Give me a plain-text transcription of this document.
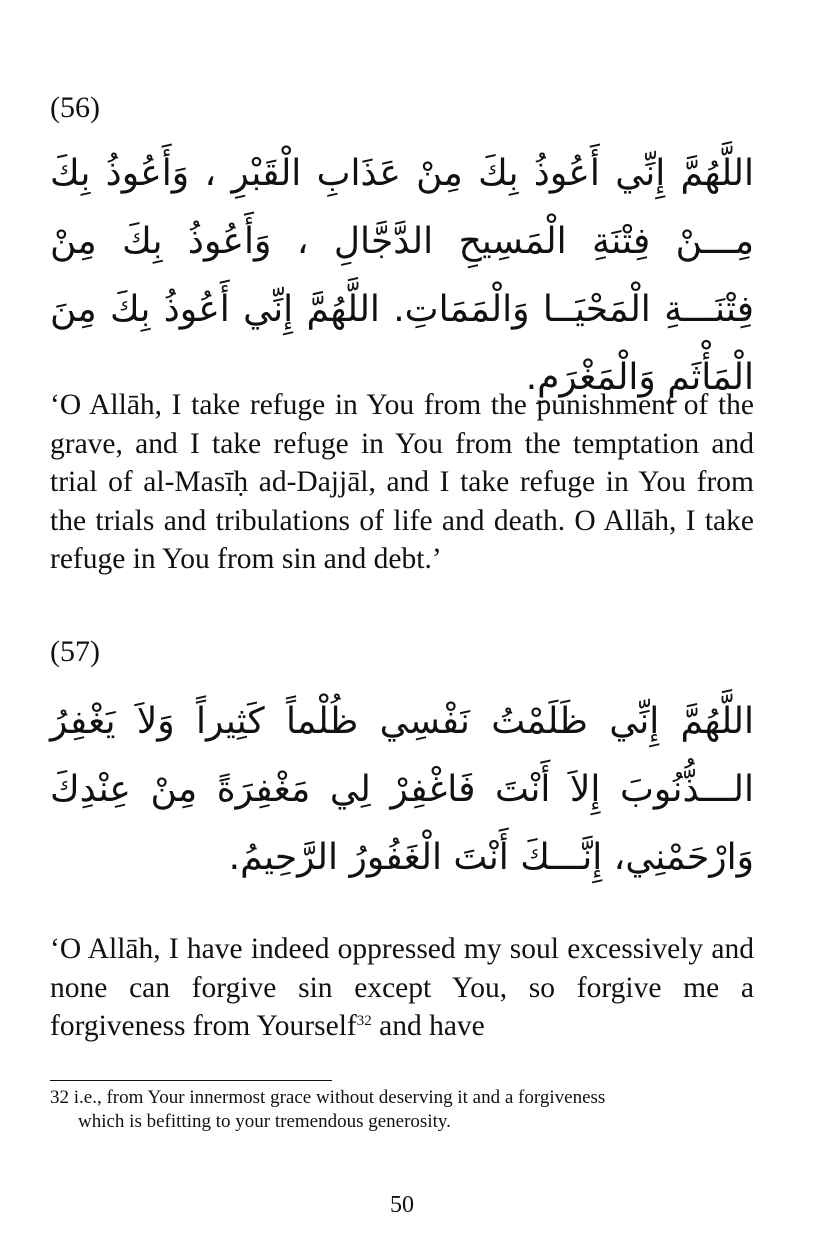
(56)
اللَّهُمَّ إِنِّي أَعُوذُ بِكَ مِنْ عَذَابِ الْقَبْرِ ، وَأَعُوذُ بِكَ مِـــنْ فِتْنَةِ الْمَسِيحِ الدَّجَّالِ ، وَأَعُوذُ بِكَ مِنْ فِتْنَـــةِ الْمَحْيَــا وَالْمَمَاتِ. اللَّهُمَّ إِنِّي أَعُوذُ بِكَ مِنَ الْمَأْثَمِ وَالْمَغْرَمِ.
‘O Allāh, I take refuge in You from the punishment of the grave, and I take refuge in You from the temptation and trial of al-Masīḥ ad-Dajjāl, and I take refuge in You from the trials and tribulations of life and death. O Allāh, I take refuge in You from sin and debt.’
(57)
اللَّهُمَّ إِنِّي ظَلَمْتُ نَفْسِي ظُلْماً كَثِيراً وَلاَ يَغْفِرُ الـــذُّنُوبَ إِلاَ أَنْتَ فَاغْفِرْ لِي مَغْفِرَةً مِنْ عِنْدِكَ وَارْحَمْنِي، إِنَّـــكَ أَنْتَ الْغَفُورُ الرَّحِيمُ.
‘O Allāh, I have indeed oppressed my soul excessively and none can forgive sin except You, so forgive me a forgiveness from Yourself$^{32}$ and have
32 i.e., from Your innermost grace without deserving it and a forgiveness
which is befitting to your tremendous generosity.
50
